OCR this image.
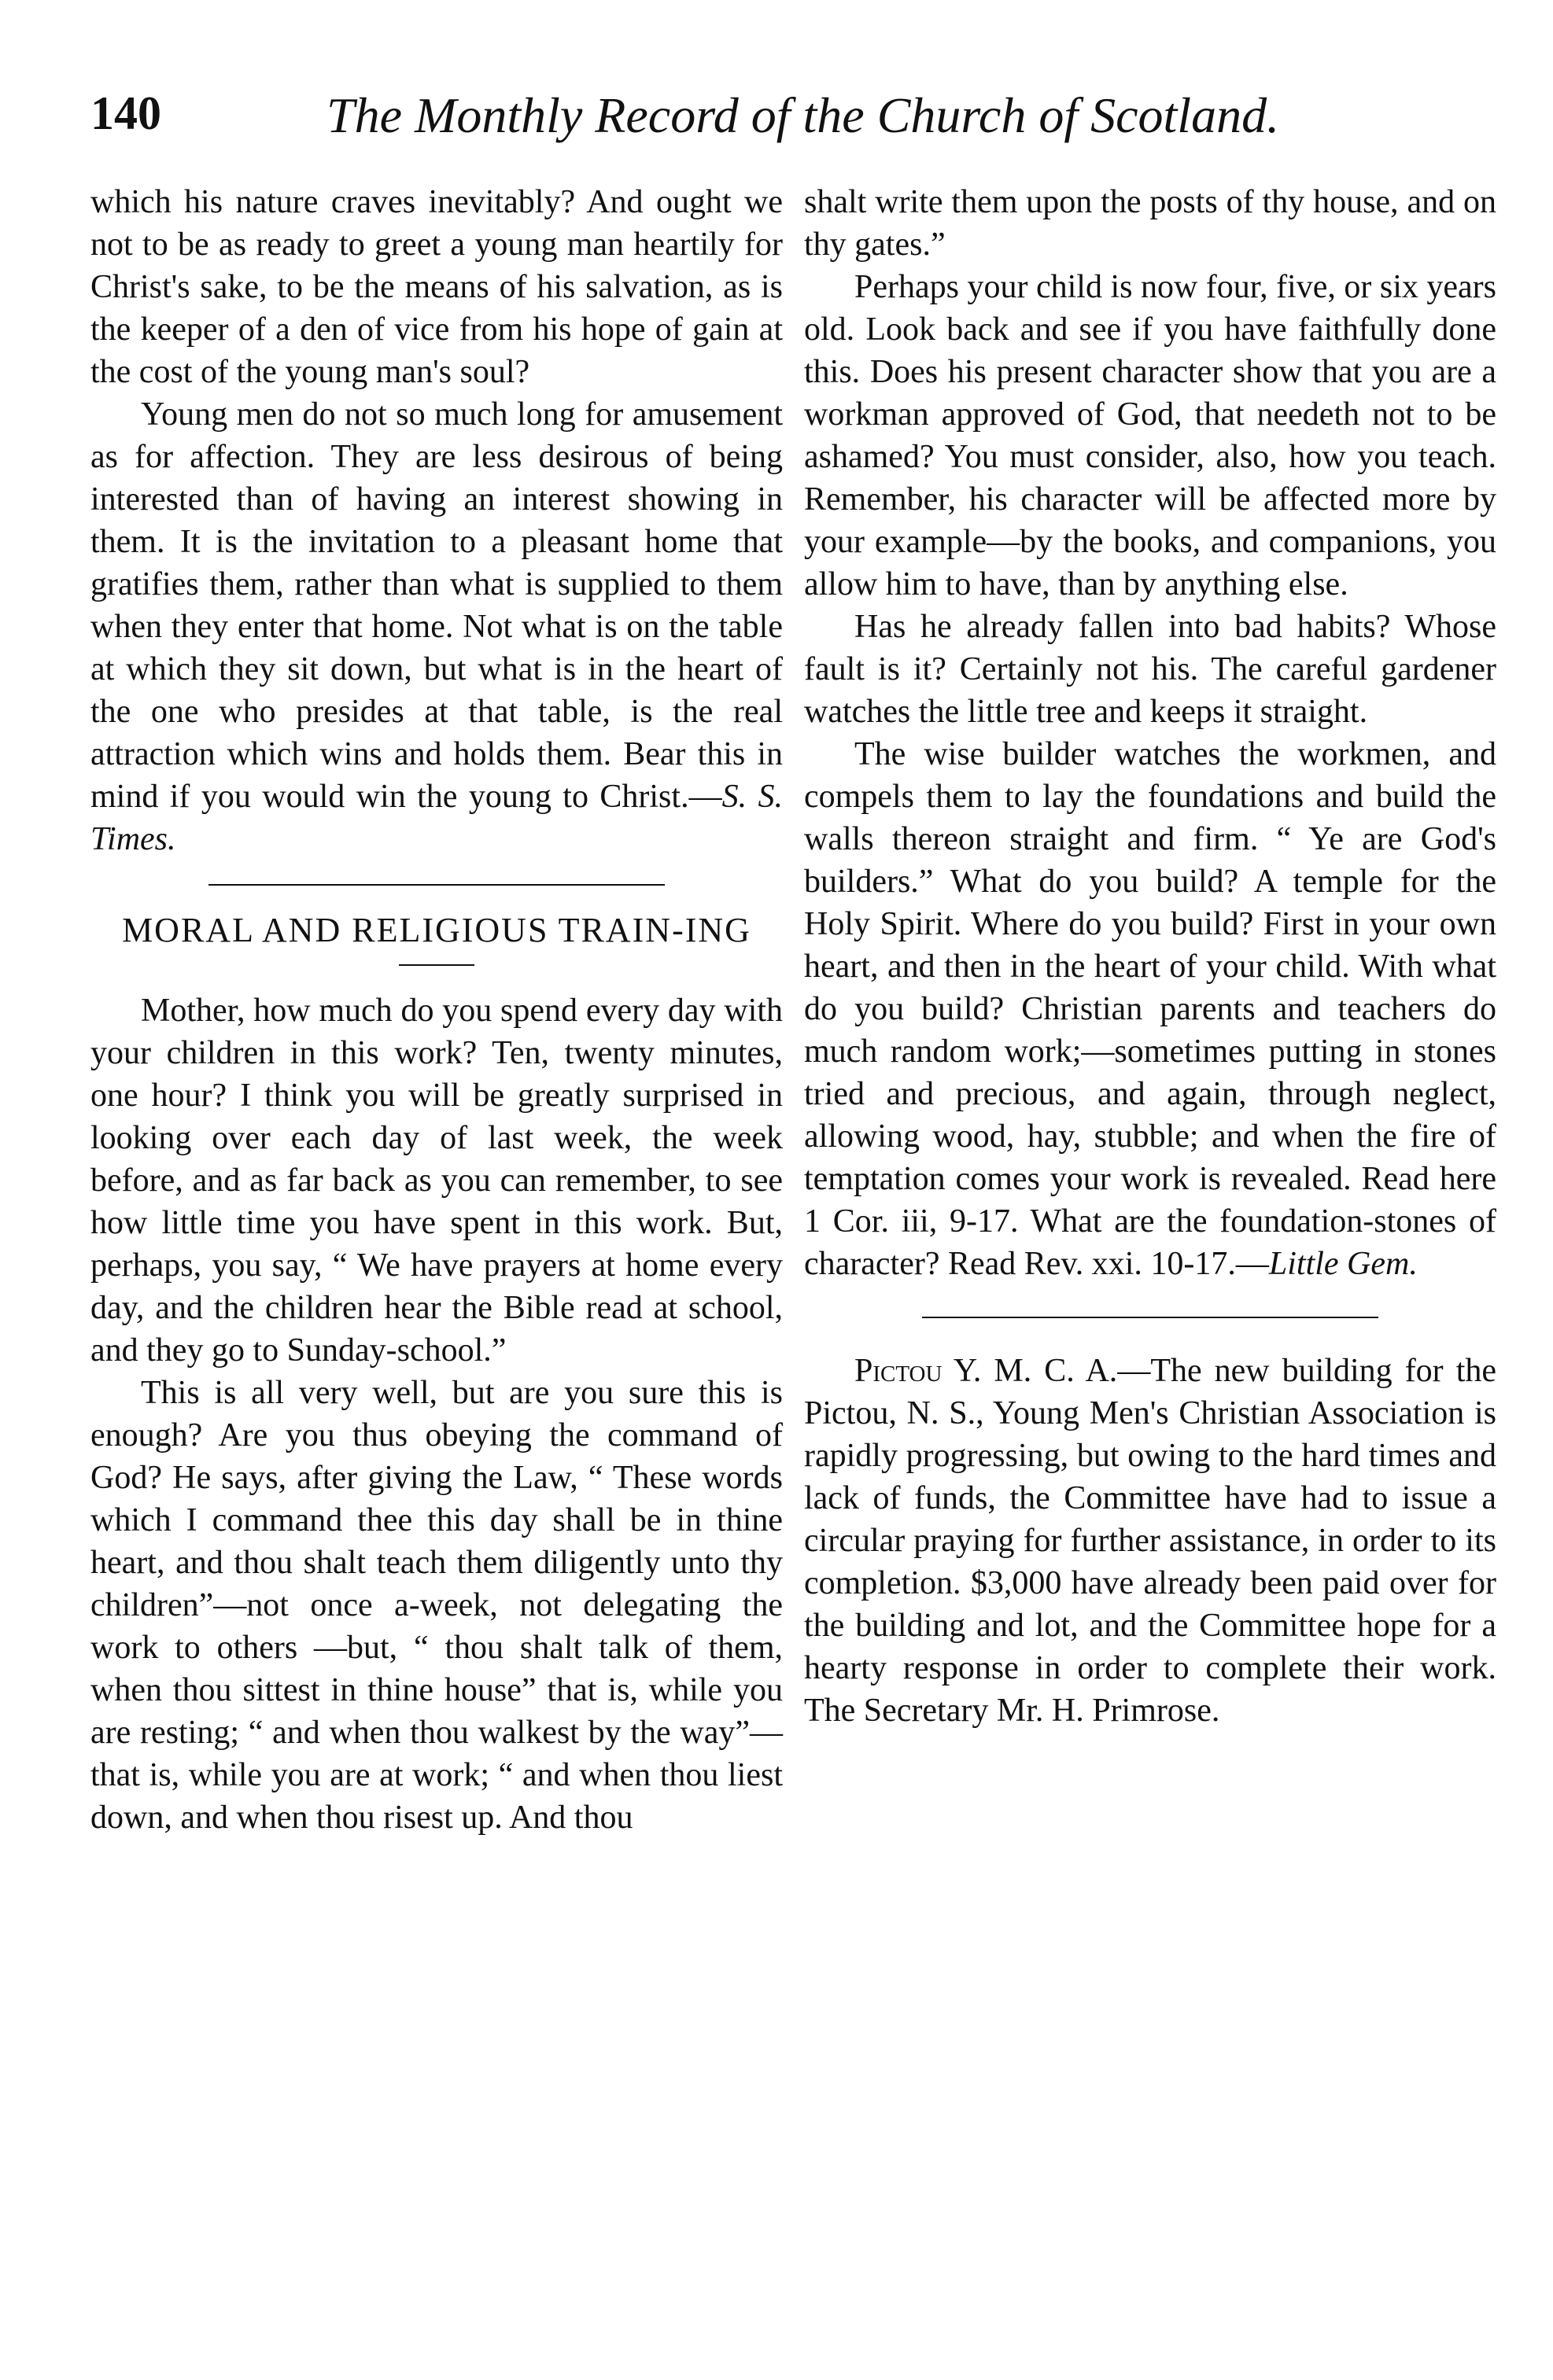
140	The Monthly Record of the Church of Scotland.

which his nature craves inevitably? And ought we not to be as ready to greet a young man heartily for Christ's sake, to be the means of his salvation, as is the keeper of a den of vice from his hope of gain at the cost of the young man's soul?

Young men do not so much long for amusement as for affection. They are less desirous of being interested than of having an interest showing in them. It is the invitation to a pleasant home that gratifies them, rather than what is supplied to them when they enter that home. Not what is on the table at which they sit down, but what is in the heart of the one who presides at that table, is the real attraction which wins and holds them. Bear this in mind if you would win the young to Christ.—S. S. Times.

MORAL AND RELIGIOUS TRAIN-ING

Mother, how much do you spend every day with your children in this work? Ten, twenty minutes, one hour? I think you will be greatly surprised in looking over each day of last week, the week before, and as far back as you can remember, to see how little time you have spent in this work. But, perhaps, you say, “ We have prayers at home every day, and the children hear the Bible read at school, and they go to Sunday-school.”

This is all very well, but are you sure this is enough? Are you thus obeying the command of God? He says, after giving the Law, “ These words which I command thee this day shall be in thine heart, and thou shalt teach them diligently unto thy children”—not once a-week, not delegating the work to others —but, “ thou shalt talk of them, when thou sittest in thine house” that is, while you are resting; “ and when thou walkest by the way”—that is, while you are at work; “ and when thou liest down, and when thou risest up. And thou

shalt write them upon the posts of thy house, and on thy gates.”

Perhaps your child is now four, five, or six years old. Look back and see if you have faithfully done this. Does his present character show that you are a workman approved of God, that needeth not to be ashamed? You must consider, also, how you teach. Remember, his character will be affected more by your example—by the books, and companions, you allow him to have, than by anything else.

Has he already fallen into bad habits? Whose fault is it? Certainly not his. The careful gardener watches the little tree and keeps it straight.

The wise builder watches the workmen, and compels them to lay the foundations and build the walls thereon straight and firm. “ Ye are God's builders.” What do you build? A temple for the Holy Spirit. Where do you build? First in your own heart, and then in the heart of your child. With what do you build? Christian parents and teachers do much random work;—sometimes putting in stones tried and precious, and again, through neglect, allowing wood, hay, stubble; and when the fire of temptation comes your work is revealed. Read here 1 Cor. iii, 9-17. What are the foundation-stones of character? Read Rev. xxi. 10-17.—Little Gem.

Pictou Y. M. C. A.—The new building for the Pictou, N. S., Young Men's Christian Association is rapidly progressing, but owing to the hard times and lack of funds, the Committee have had to issue a circular praying for further assistance, in order to its completion. $3,000 have already been paid over for the building and lot, and the Committee hope for a hearty response in order to complete their work. The Secretary Mr. H. Primrose.
